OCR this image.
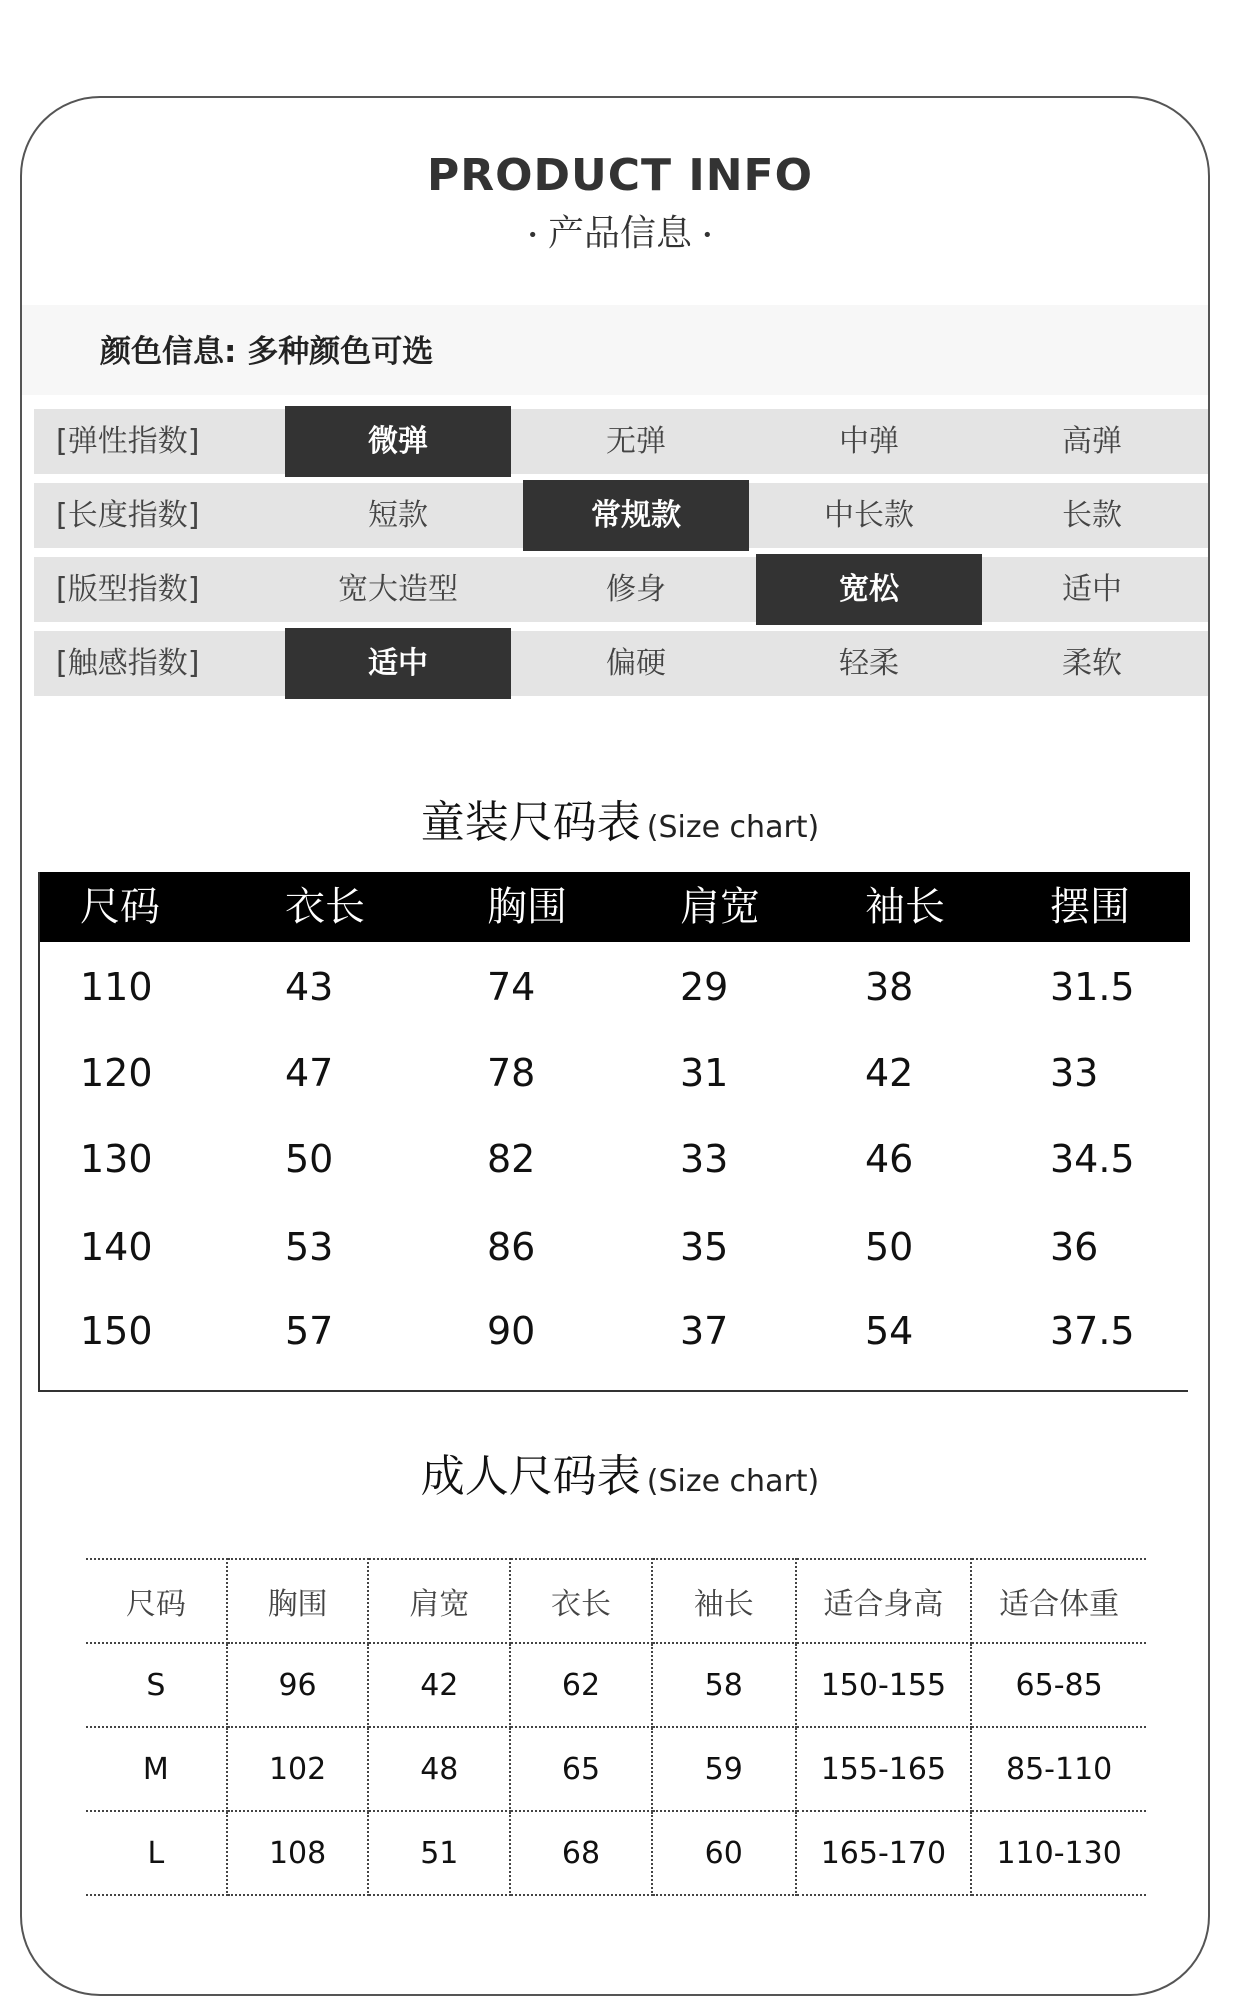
PRODUCT INFO
• 产品信息 •
颜色信息: 多种颜色可选
[弹性指数]	微弹	无弹	中弹	高弹
[长度指数]	短款	常规款	中长款	长款
[版型指数]	宽大造型	修身	宽松	适中
[触感指数]	适中	偏硬	轻柔	柔软
童装尺码表 (Size chart)
尺码	衣长	胸围	肩宽	袖长	摆围
110	43	74	29	38	31.5
120	47	78	31	42	33
130	50	82	33	46	34.5
140	53	86	35	50	36
150	57	90	37	54	37.5
成人尺码表 (Size chart)
尺码	胸围	肩宽	衣长	袖长	适合身高	适合体重
S	96	42	62	58	150-155	65-85
M	102	48	65	59	155-165	85-110
L	108	51	68	60	165-170	110-130
